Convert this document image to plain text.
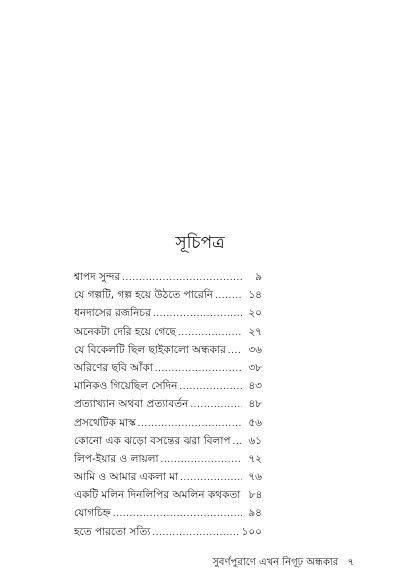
সূচিপত্র
শ্বাপদ সুন্দর .....	৯
যে গল্পটি, গল্প হয়ে উঠতে পারেনি .....	১৪
ধনদাসের রজনিচর .....	২০
অনেকটা দেরি হয়ে গেছে .....	২৭
যে বিকেলটি ছিল ছাইকালো অন্ধকার .....	৩৬
অরিণের ছবি আঁকা .....	৩৮
মানিকও গিয়েছিল সেদিন .....	৪৩
প্রত্যাখ্যান অথবা প্রত্যাবর্তন .....	৪৮
প্রসথেটিক মাস্ক .....	৫৬
কোনো এক ঝড়ো বসন্তের ঝরা বিলাপ .....	৬১
লিপ-ইয়ার ও লায়লা .....	৭২
আমি ও আমার একলা মা .....	৭৬
একটি মলিন দিনলিপির অমলিন কথকতা ৮৪
যোগচিহ্ন .....	৯৪
হতে পারতো সত্যি .....	১০০
সুবর্ণপুরাণে এখন নিগূঢ় অন্ধকার ৭
